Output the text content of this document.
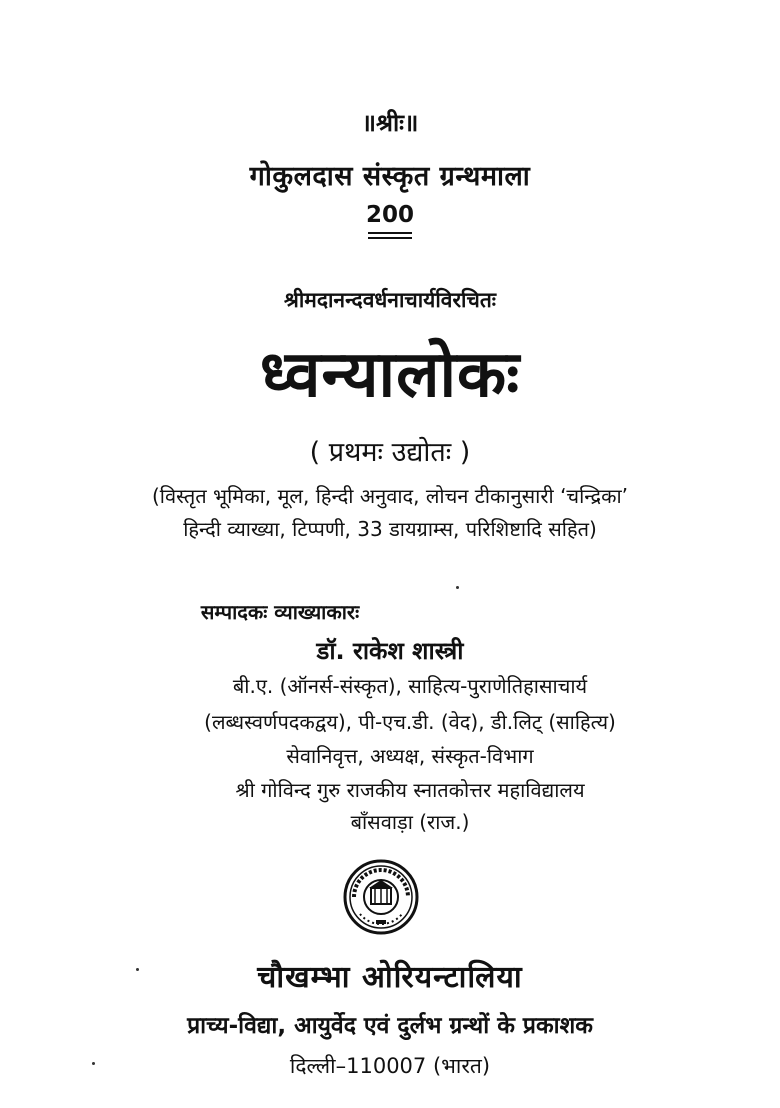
॥श्रीः॥
गोकुलदास संस्कृत ग्रन्थमाला
200
श्रीमदानन्दवर्धनाचार्यविरचितः
ध्वन्यालोकः
( प्रथमः उद्योतः )
(विस्तृत भूमिका, मूल, हिन्दी अनुवाद, लोचन टीकानुसारी ‘चन्द्रिका’
हिन्दी व्याख्या, टिप्पणी, 33 डायग्राम्स, परिशिष्टादि सहित)
सम्पादकः व्याख्याकारः
डॉ. राकेश शास्त्री
बी.ए. (ऑनर्स-संस्कृत), साहित्य-पुराणेतिहासाचार्य
(लब्धस्वर्णपदकद्वय), पी-एच.डी. (वेद), डी.लिट् (साहित्य)
सेवानिवृत्त, अध्यक्ष, संस्कृत-विभाग
श्री गोविन्द गुरु राजकीय स्नातकोत्तर महाविद्यालय
बाँसवाड़ा (राज.)
चौखम्भा ओरियन्टालिया
प्राच्य-विद्या, आयुर्वेद एवं दुर्लभ ग्रन्थों के प्रकाशक
दिल्ली–110007 (भारत)
